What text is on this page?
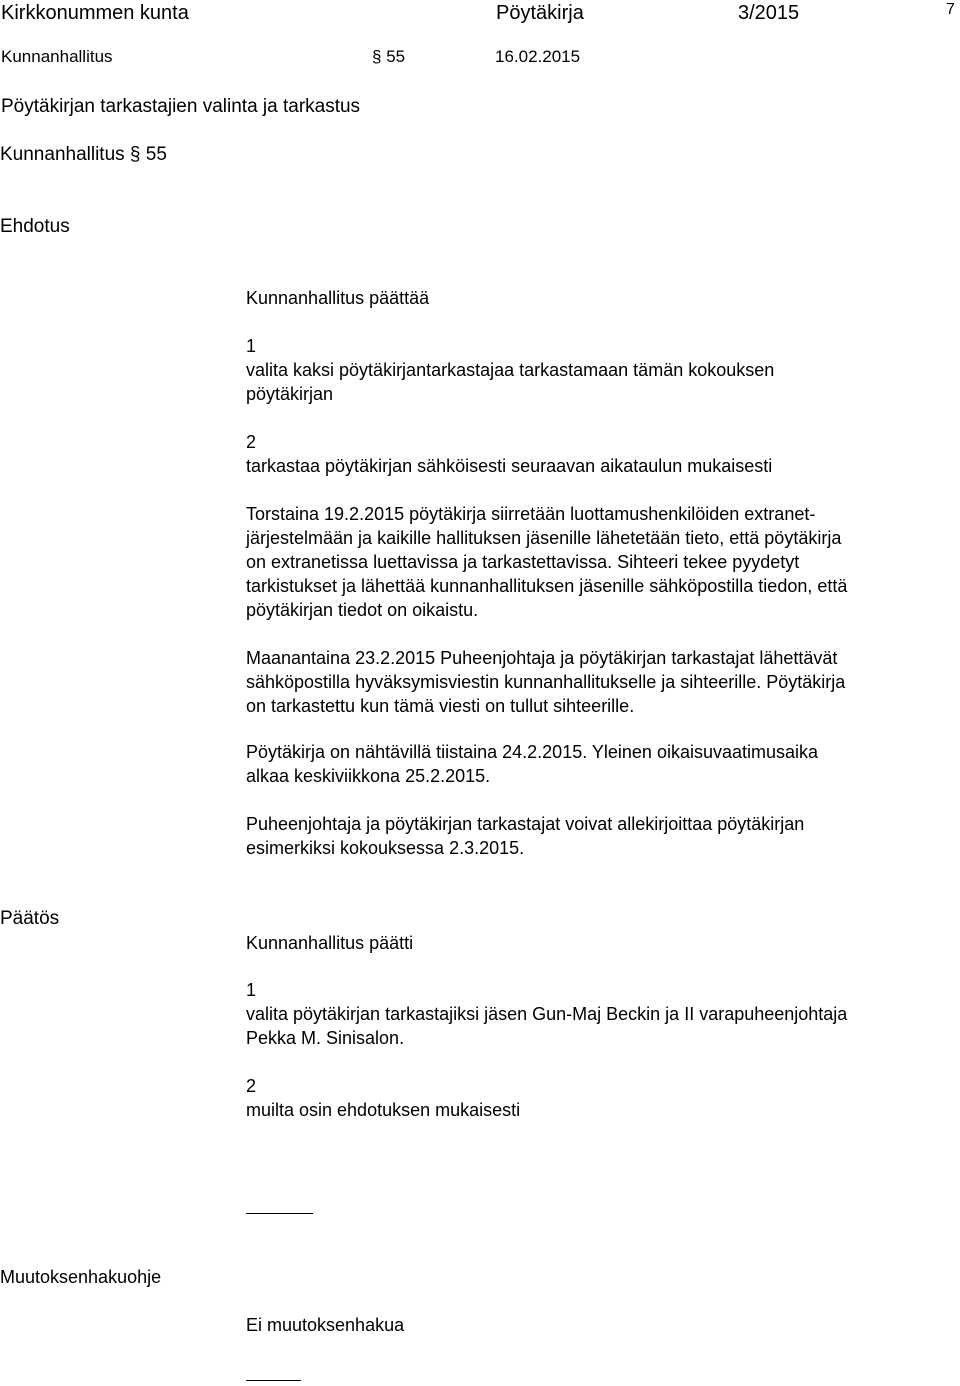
Kirkkonummen kunta	Pöytäkirja	3/2015	7
Kunnanhallitus	§ 55	16.02.2015
Pöytäkirjan tarkastajien valinta ja tarkastus
Kunnanhallitus § 55
Ehdotus
Kunnanhallitus päättää
1
valita kaksi pöytäkirjantarkastajaa tarkastamaan tämän kokouksen
pöytäkirjan
2
tarkastaa pöytäkirjan sähköisesti seuraavan aikataulun mukaisesti
Torstaina 19.2.2015 pöytäkirja siirretään luottamushenkilöiden extranet-
järjestelmään ja kaikille hallituksen jäsenille lähetetään tieto, että pöytäkirja
on extranetissa luettavissa ja tarkastettavissa. Sihteeri tekee pyydetyt
tarkistukset ja lähettää kunnanhallituksen jäsenille sähköpostilla tiedon, että
pöytäkirjan tiedot on oikaistu.
Maanantaina 23.2.2015 Puheenjohtaja ja pöytäkirjan tarkastajat lähettävät
sähköpostilla hyväksymisviestin kunnanhallitukselle ja sihteerille. Pöytäkirja
on tarkastettu kun tämä viesti on tullut sihteerille.
Pöytäkirja on nähtävillä tiistaina 24.2.2015. Yleinen oikaisuvaatimusaika
alkaa keskiviikkona 25.2.2015.
Puheenjohtaja ja pöytäkirjan tarkastajat voivat allekirjoittaa pöytäkirjan
esimerkiksi kokouksessa 2.3.2015.
Päätös
Kunnanhallitus päätti
1
valita pöytäkirjan tarkastajiksi jäsen Gun-Maj Beckin ja II varapuheenjohtaja
Pekka M. Sinisalon.
2
muilta osin ehdotuksen mukaisesti
Muutoksenhakuohje
Ei muutoksenhakua
